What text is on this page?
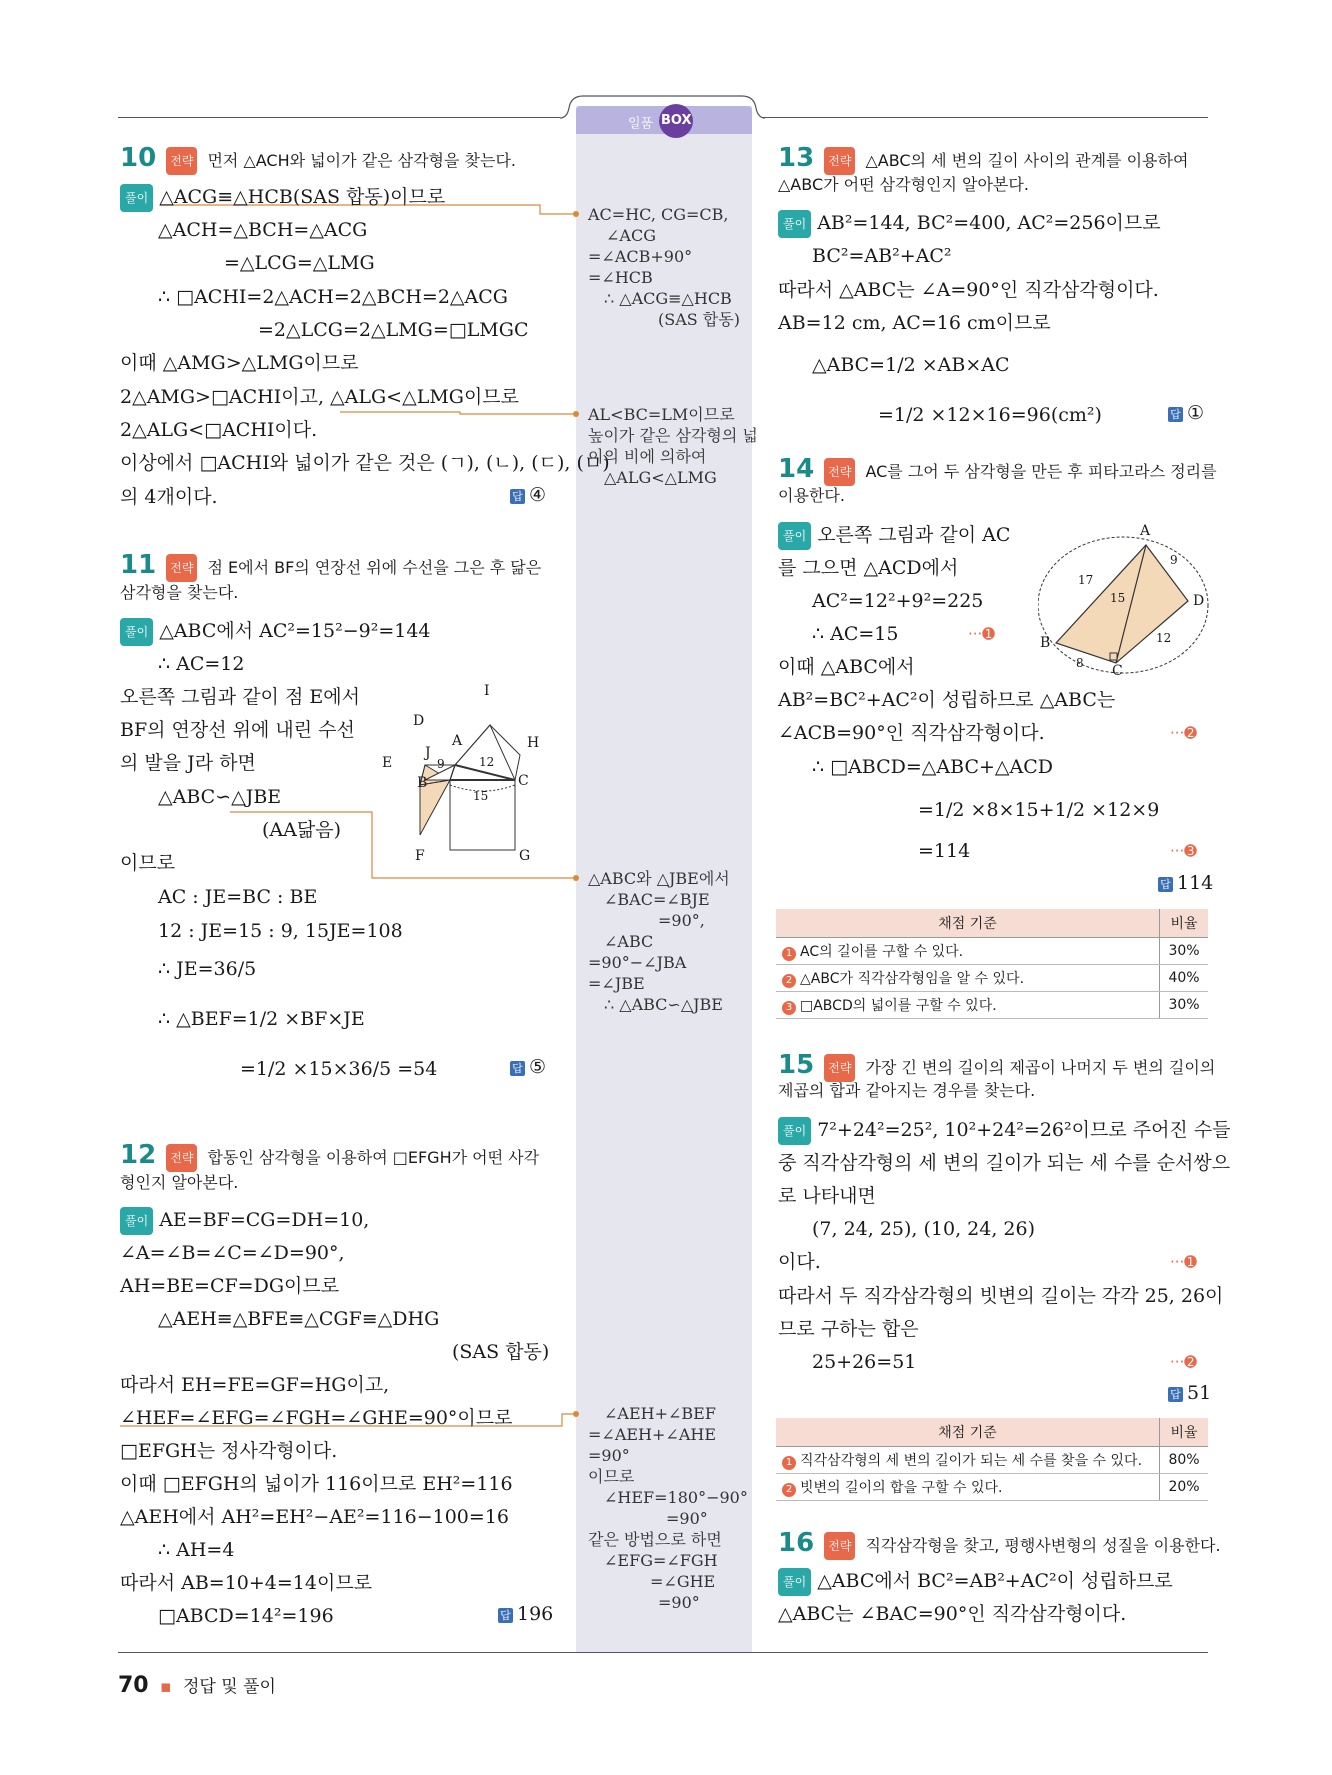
일품 BOX
70 ▪ 정답 및 풀이
10 전략 먼저 △ACH와 넓이가 같은 삼각형을 찾는다.
풀이 △ACG≡△HCB(SAS 합동)이므로
△ACH=△BCH=△ACG
=△LCG=△LMG
∴ □ACHI=2△ACH=2△BCH=2△ACG
=2△LCG=2△LMG=□LMGC
이때 △AMG>△LMG이므로
2△AMG>□ACHI이고, △ALG<△LMG이므로
2△ALG<□ACHI이다.
이상에서 □ACHI와 넓이가 같은 것은 (ㄱ), (ㄴ), (ㄷ), (ㅁ)
의 4개이다.	답 ④
11 전략 점 E에서 BF의 연장선 위에 수선을 그은 후 닮은
삼각형을 찾는다.
풀이 △ABC에서 AC²=15²−9²=144
∴ AC=12
오른쪽 그림과 같이 점 E에서
BF의 연장선 위에 내린 수선
의 발을 J라 하면
△ABC∽△JBE
(AA닮음)
이므로
AC : JE=BC : BE
12 : JE=15 : 9, 15JE=108
∴ JE=36/5
∴ △BEF=1/2 ×BF×JE
=1/2 ×15×36/5 =54	답 ⑤
I
D
A	H
E
J
9	12
C
B
15
F	G
12 전략 합동인 삼각형을 이용하여 □EFGH가 어떤 사각
형인지 알아본다.
풀이 AE=BF=CG=DH=10,
∠A=∠B=∠C=∠D=90°,
AH=BE=CF=DG이므로
△AEH≡△BFE≡△CGF≡△DHG
(SAS 합동)
따라서 EH=FE=GF=HG이고,
∠HEF=∠EFG=∠FGH=∠GHE=90°이므로
□EFGH는 정사각형이다.
이때 □EFGH의 넓이가 116이므로 EH²=116
△AEH에서 AH²=EH²−AE²=116−100=16
∴ AH=4
따라서 AB=10+4=14이므로
□ABCD=14²=196	답 196
AC=HC, CG=CB,
∠ACG
=∠ACB+90°
=∠HCB
∴ △ACG≡△HCB
(SAS 합동)
AL<BC=LM이므로
높이가 같은 삼각형의 넓
이의 비에 의하여
△ALG<△LMG
△ABC와 △JBE에서
∠BAC=∠BJE
=90°,
∠ABC
=90°−∠JBA
=∠JBE
∴ △ABC∽△JBE
∠AEH+∠BEF
=∠AEH+∠AHE
=90°
이므로
∠HEF=180°−90°
=90°
같은 방법으로 하면
∠EFG=∠FGH
=∠GHE
=90°
13 전략 △ABC의 세 변의 길이 사이의 관계를 이용하여
△ABC가 어떤 삼각형인지 알아본다.
풀이 AB²=144, BC²=400, AC²=256이므로
BC²=AB²+AC²
따라서 △ABC는 ∠A=90°인 직각삼각형이다.
AB=12 cm, AC=16 cm이므로
△ABC=1/2 ×AB×AC
=1/2 ×12×16=96(cm²)	답 ①
14 전략 AC를 그어 두 삼각형을 만든 후 피타고라스 정리를
이용한다.
풀이 오른쪽 그림과 같이 AC
를 그으면 △ACD에서
AC²=12²+9²=225
∴ AC=15	···➊
이때 △ABC에서
AB²=BC²+AC²이 성립하므로 △ABC는
∠ACB=90°인 직각삼각형이다.	···➋
∴ □ABCD=△ABC+△ACD
=1/2 ×8×15+1/2 ×12×9
=114	···➌
답 114
A
9
17
15	D
B	12
8 C
채점 기준	비율
1 AC의 길이를 구할 수 있다.	30%
2 △ABC가 직각삼각형임을 알 수 있다.	40%
3 □ABCD의 넓이를 구할 수 있다.	30%
15 전략 가장 긴 변의 길이의 제곱이 나머지 두 변의 길이의
제곱의 합과 같아지는 경우를 찾는다.
풀이 7²+24²=25², 10²+24²=26²이므로 주어진 수들
중 직각삼각형의 세 변의 길이가 되는 세 수를 순서쌍으
로 나타내면
(7, 24, 25), (10, 24, 26)
이다.	···➊
따라서 두 직각삼각형의 빗변의 길이는 각각 25, 26이
므로 구하는 합은
25+26=51	···➋
답 51
채점 기준	비율
1 직각삼각형의 세 변의 길이가 되는 세 수를 찾을 수 있다.	80%
2 빗변의 길이의 합을 구할 수 있다.	20%
16 전략 직각삼각형을 찾고, 평행사변형의 성질을 이용한다.
풀이 △ABC에서 BC²=AB²+AC²이 성립하므로
△ABC는 ∠BAC=90°인 직각삼각형이다.
